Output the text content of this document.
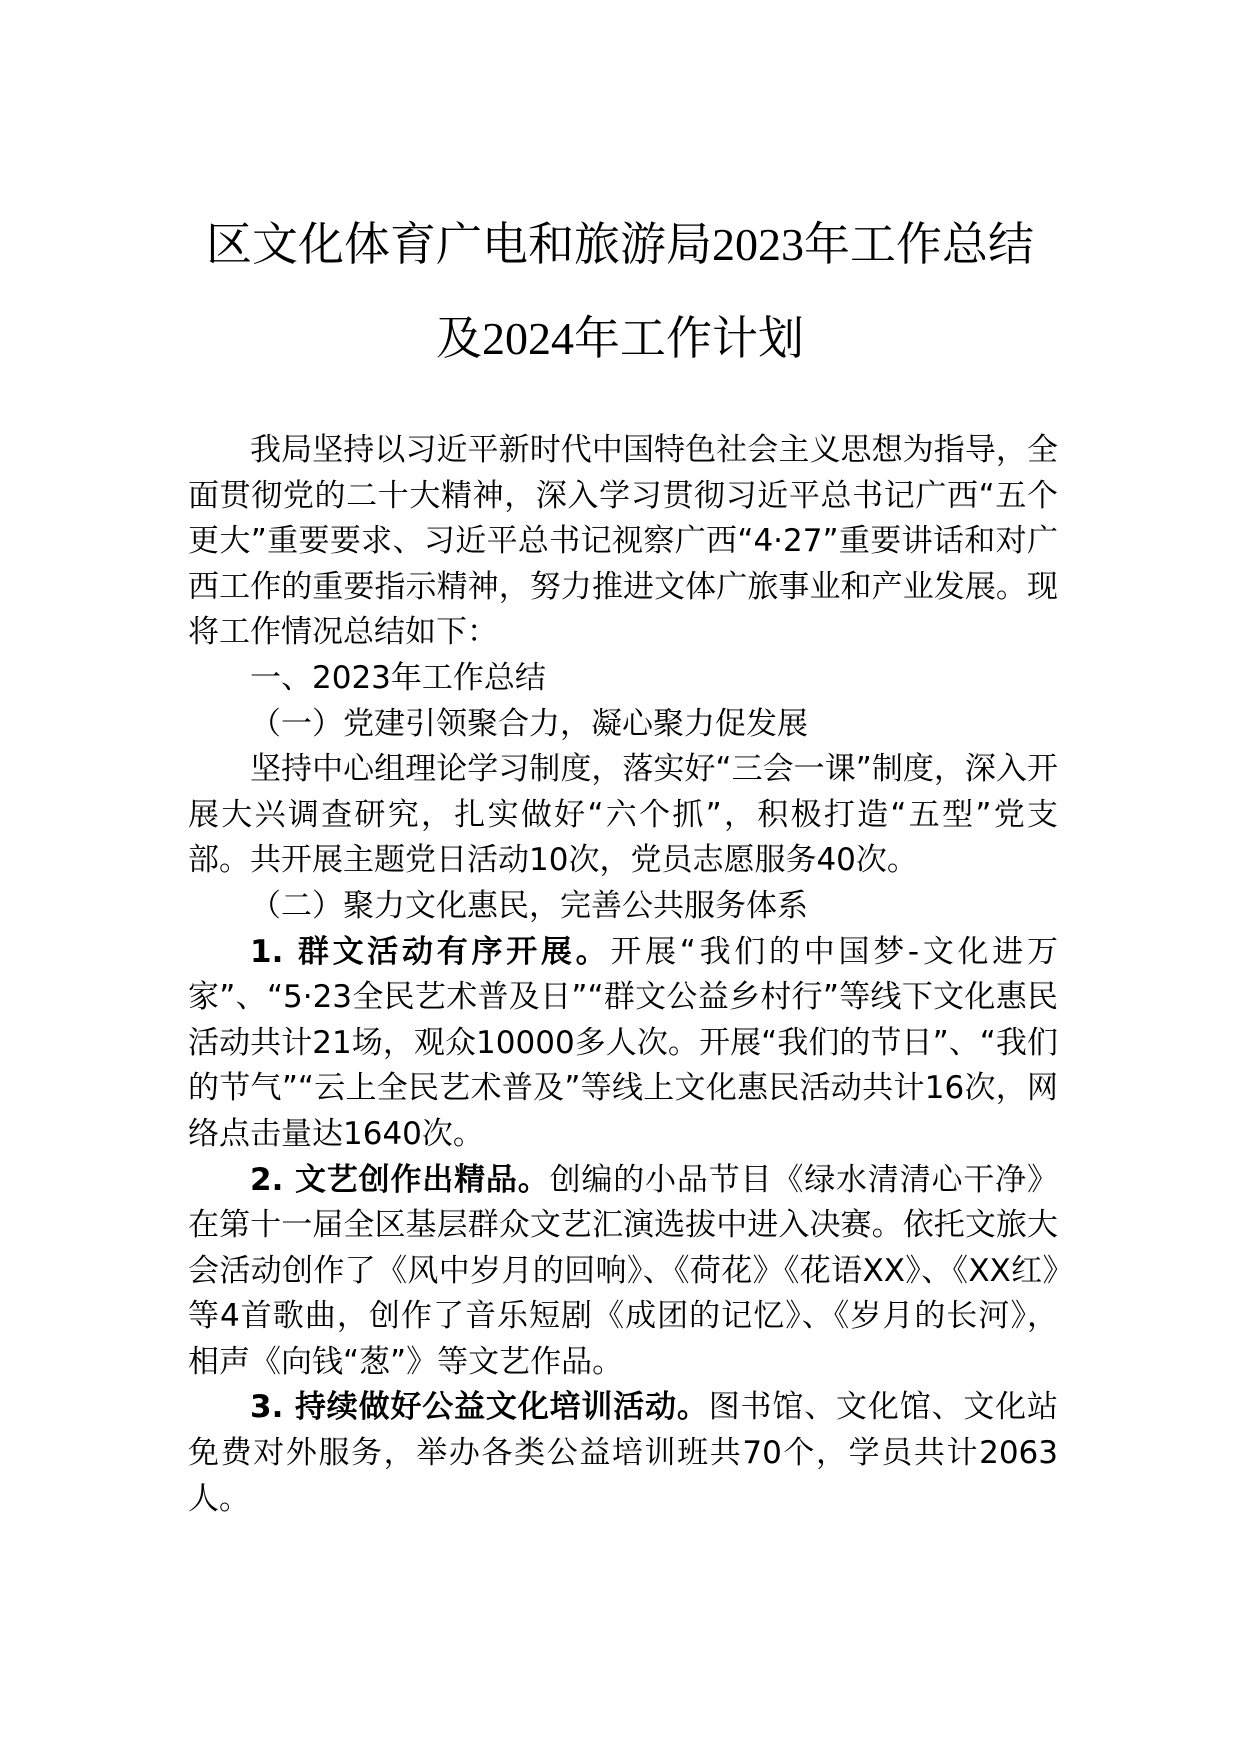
区文化体育广电和旅游局2023年工作总结
及2024年工作计划

我局坚持以习近平新时代中国特色社会主义思想为指导，全面贯彻党的二十大精神，深入学习贯彻习近平总书记广西“五个更大”重要要求、习近平总书记视察广西“4·27”重要讲话和对广西工作的重要指示精神，努力推进文体广旅事业和产业发展。现将工作情况总结如下：

一、2023年工作总结

（一）党建引领聚合力，凝心聚力促发展

坚持中心组理论学习制度，落实好“三会一课”制度，深入开展大兴调查研究，扎实做好“六个抓”，积极打造“五型”党支部。共开展主题党日活动10次，党员志愿服务40次。

（二）聚力文化惠民，完善公共服务体系

1. 群文活动有序开展。开展“我们的中国梦-文化进万家”、“5·23全民艺术普及日”“群文公益乡村行”等线下文化惠民活动共计21场，观众10000多人次。开展“我们的节日”、“我们的节气”“云上全民艺术普及”等线上文化惠民活动共计16次，网络点击量达1640次。

2. 文艺创作出精品。创编的小品节目《绿水清清心干净》在第十一届全区基层群众文艺汇演选拔中进入决赛。依托文旅大会活动创作了《风中岁月的回响》、《荷花》《花语XX》、《XX红》等4首歌曲，创作了音乐短剧《成团的记忆》、《岁月的长河》，相声《向钱“葱”》等文艺作品。

3. 持续做好公益文化培训活动。图书馆、文化馆、文化站免费对外服务，举办各类公益培训班共70个，学员共计2063人。
